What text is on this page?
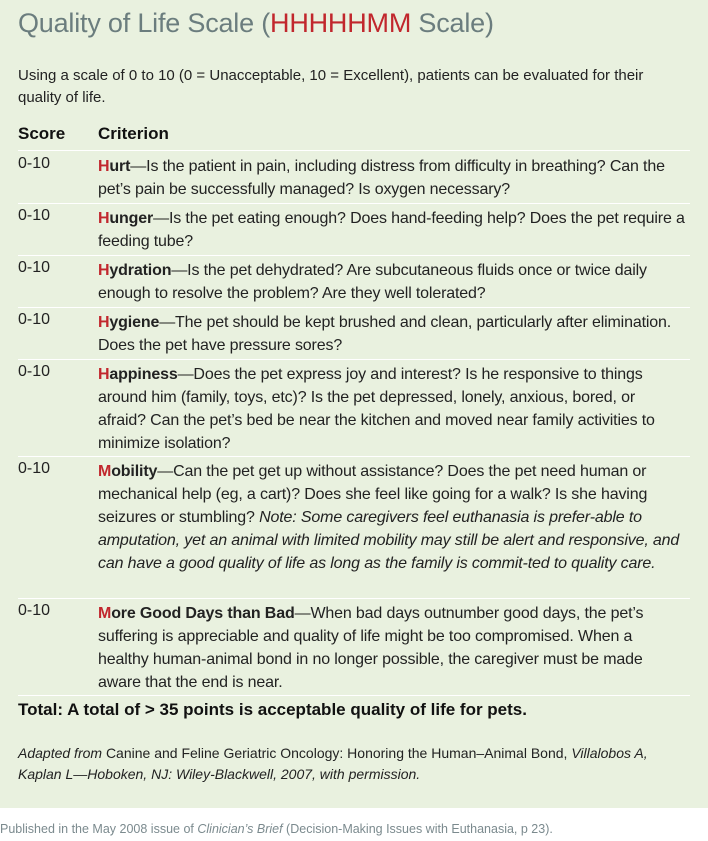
Quality of Life Scale (HHHHHMM Scale)
Using a scale of 0 to 10 (0 = Unacceptable, 10 = Excellent), patients can be evaluated for their quality of life.
Score Criterion
0-10	Hurt—Is the patient in pain, including distress from difficulty in breathing? Can the pet’s pain be successfully managed? Is oxygen necessary?

0-10	Hunger—Is the pet eating enough? Does hand-feeding help? Does the pet require a feeding tube?

0-10	Hydration—Is the pet dehydrated? Are subcutaneous fluids once or twice daily enough to resolve the problem? Are they well tolerated?

0-10	Hygiene—The pet should be kept brushed and clean, particularly after elimination. Does the pet have pressure sores?

0-10	Happiness—Does the pet express joy and interest? Is he responsive to things around him (family, toys, etc)? Is the pet depressed, lonely, anxious, bored, or afraid? Can the pet’s bed be near the kitchen and moved near family activities to minimize isolation?

0-10	Mobility—Can the pet get up without assistance? Does the pet need human or mechanical help (eg, a cart)? Does she feel like going for a walk? Is she having seizures or stumbling? Note: Some caregivers feel euthanasia is prefer-able to amputation, yet an animal with limited mobility may still be alert and responsive, and can have a good quality of life as long as the family is commit-ted to quality care.

0-10	More Good Days than Bad—When bad days outnumber good days, the pet’s suffering is appreciable and quality of life might be too compromised. When a healthy human-animal bond in no longer possible, the caregiver must be made aware that the end is near.

Total: A total of > 35 points is acceptable quality of life for pets.
Adapted from Canine and Feline Geriatric Oncology: Honoring the Human–Animal Bond, Villalobos A, Kaplan L—Hoboken, NJ: Wiley-Blackwell, 2007, with permission.
Published in the May 2008 issue of Clinician’s Brief (Decision-Making Issues with Euthanasia, p 23).
